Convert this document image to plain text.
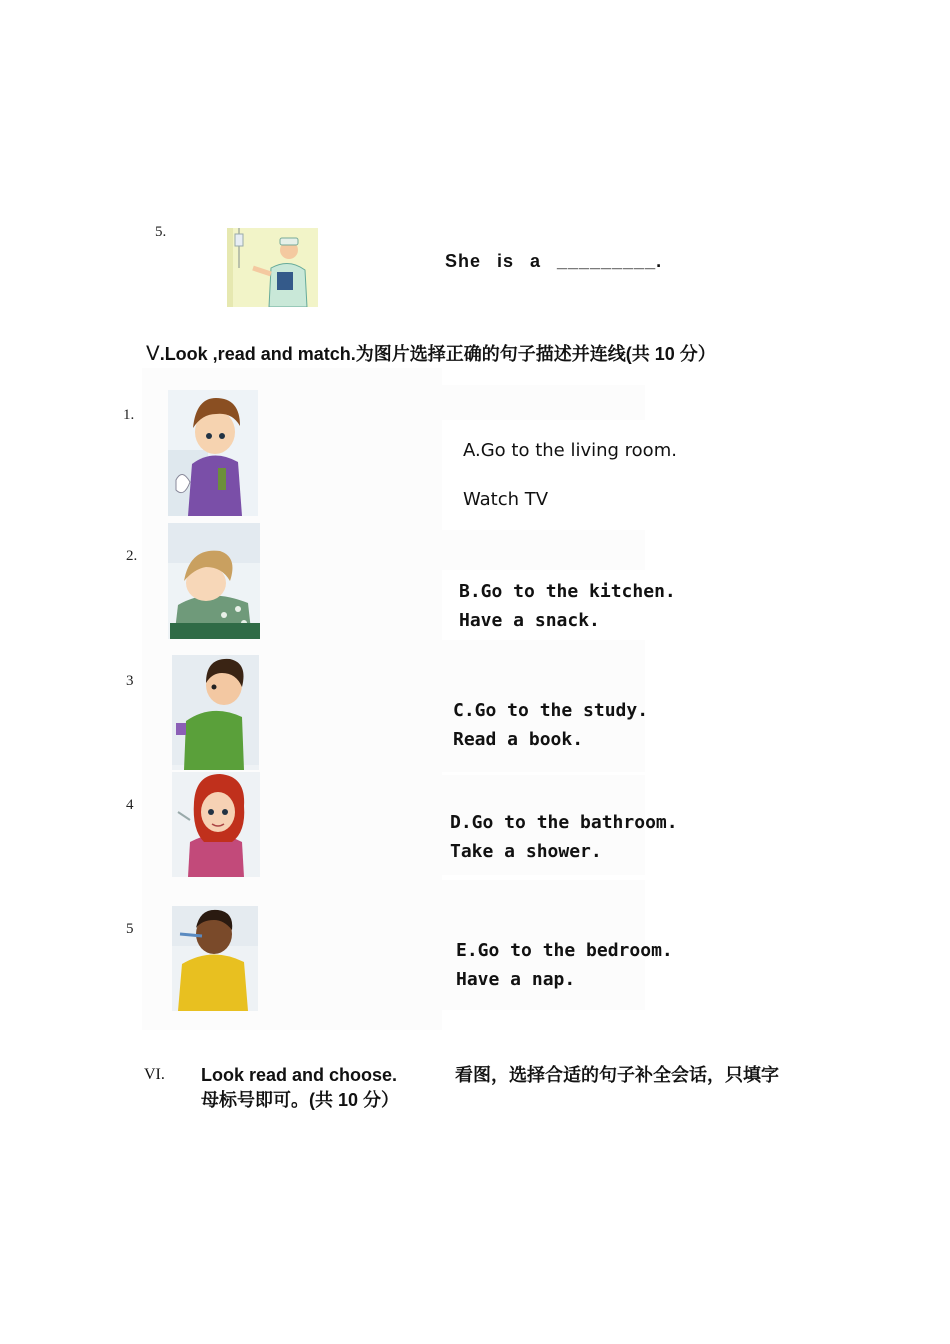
5.
She is a _________.
Ⅴ.Look ,read and match.为图片选择正确的句子描述并连线(共 10 分）
1.
2.
3
4
5
A.Go to the living room.
Watch TV
B.Go to the kitchen.
Have a snack.
C.Go to the study.
Read a book.
D.Go to the bathroom.
Take a shower.
E.Go to the bedroom.
Have a nap.
VI. Look read and choose.	看图，选择合适的句子补全会话，只填字
母标号即可。(共 10 分）
